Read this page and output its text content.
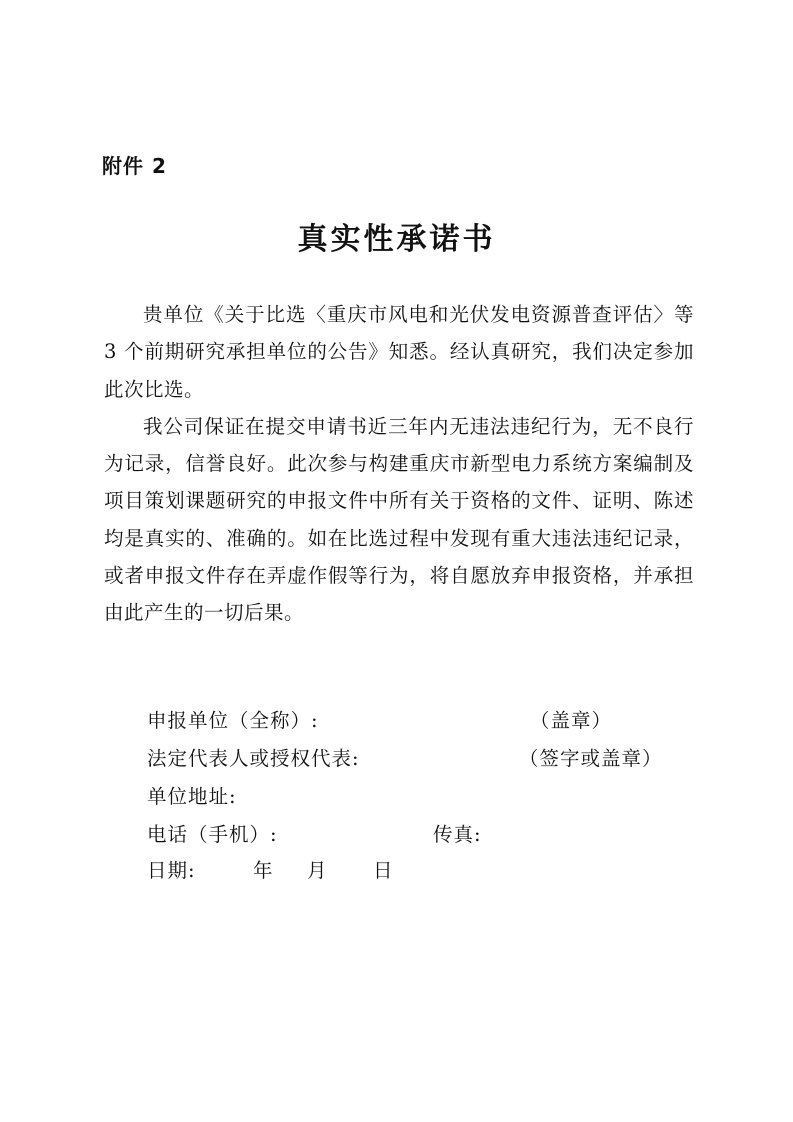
附件 2
真实性承诺书

贵单位《关于比选〈重庆市风电和光伏发电资源普查评估〉等 3 个前期研究承担单位的公告》知悉。经认真研究，我们决定参加此次比选。

我公司保证在提交申请书近三年内无违法违纪行为，无不良行为记录，信誉良好。此次参与构建重庆市新型电力系统方案编制及项目策划课题研究的申报文件中所有关于资格的文件、证明、陈述均是真实的、准确的。如在比选过程中发现有重大违法违纪记录，或者申报文件存在弄虚作假等行为，将自愿放弃申报资格，并承担由此产生的一切后果。

申报单位（全称）:	（盖章）
法定代表人或授权代表:	（签字或盖章）
单位地址:
电话（手机）:	传真:
日期:	年 月 日
